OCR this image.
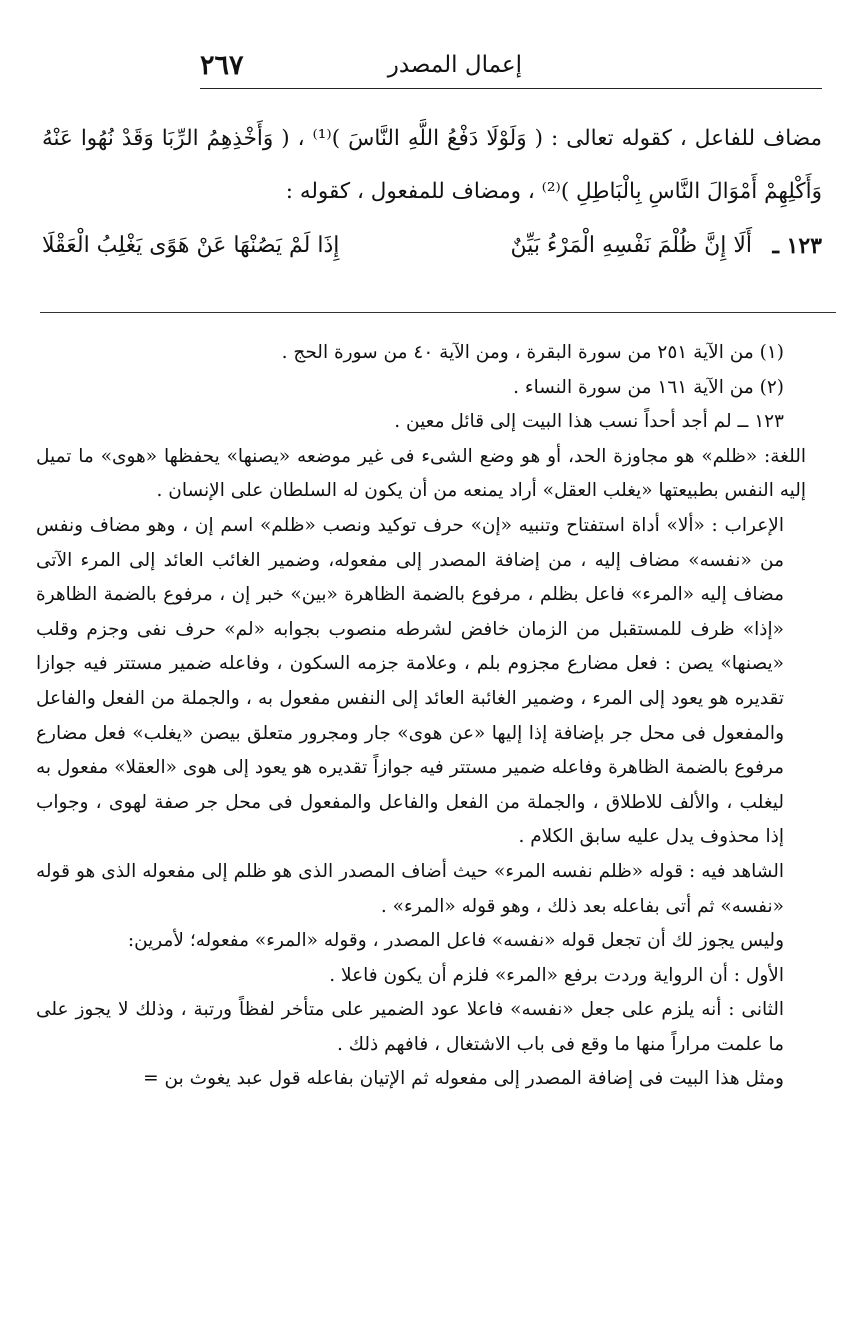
٢٦٧	إعمال المصدر

مضاف للفاعل ، كقوله تعالى : ( وَلَوْلَا دَفْعُ اللَّهِ النَّاسَ )⁽¹⁾ ، ( وَأَخْذِهِمُ الرِّبَا وَقَدْ نُهُوا عَنْهُ وَأَكْلِهِمْ أَمْوَالَ النَّاسِ بِالْبَاطِلِ )⁽²⁾ ، ومضاف للمفعول ، كقوله :

١٢٣ ـ
أَلَا إِنَّ ظُلْمَ نَفْسِهِ الْمَرْءُ بَيِّنٌ
إِذَا لَمْ يَصُنْهَا عَنْ هَوًى يَغْلِبُ الْعَقْلَا

(١) من الآية ٢٥١ من سورة البقرة ، ومن الآية ٤٠ من سورة الحج .

(٢) من الآية ١٦١ من سورة النساء .

١٢٣ ــ لم أجد أحداً نسب هذا البيت إلى قائل معين .

اللغة: «ظلم» هو مجاوزة الحد، أو هو وضع الشىء فى غير موضعه «يصنها» يحفظها «هوى» ما تميل إليه النفس بطبيعتها «يغلب العقل» أراد يمنعه من أن يكون له السلطان على الإنسان .

الإعراب : «ألا» أداة استفتاح وتنبيه «إن» حرف توكيد ونصب «ظلم» اسم إن ، وهو مضاف ونفس من «نفسه» مضاف إليه ، من إضافة المصدر إلى مفعوله، وضمير الغائب العائد إلى المرء الآتى مضاف إليه «المرء» فاعل بظلم ، مرفوع بالضمة الظاهرة «بين» خبر إن ، مرفوع بالضمة الظاهرة «إذا» ظرف للمستقبل من الزمان خافض لشرطه منصوب بجوابه «لم» حرف نفى وجزم وقلب «يصنها» يصن : فعل مضارع مجزوم بلم ، وعلامة جزمه السكون ، وفاعله ضمير مستتر فيه جوازا تقديره هو يعود إلى المرء ، وضمير الغائبة العائد إلى النفس مفعول به ، والجملة من الفعل والفاعل والمفعول فى محل جر بإضافة إذا إليها «عن هوى» جار ومجرور متعلق بيصن «يغلب» فعل مضارع مرفوع بالضمة الظاهرة وفاعله ضمير مستتر فيه جوازاً تقديره هو يعود إلى هوى «العقلا» مفعول به ليغلب ، والألف للاطلاق ، والجملة من الفعل والفاعل والمفعول فى محل جر صفة لهوى ، وجواب إذا محذوف يدل عليه سابق الكلام .

الشاهد فيه : قوله «ظلم نفسه المرء» حيث أضاف المصدر الذى هو ظلم إلى مفعوله الذى هو قوله «نفسه» ثم أتى بفاعله بعد ذلك ، وهو قوله «المرء» .

وليس يجوز لك أن تجعل قوله «نفسه» فاعل المصدر ، وقوله «المرء» مفعوله؛ لأمرين:

الأول : أن الرواية وردت برفع «المرء» فلزم أن يكون فاعلا .

الثانى : أنه يلزم على جعل «نفسه» فاعلا عود الضمير على متأخر لفظاً ورتبة ، وذلك لا يجوز على ما علمت مراراً منها ما وقع فى باب الاشتغال ، فافهم ذلك .

ومثل هذا البيت فى إضافة المصدر إلى مفعوله ثم الإتيان بفاعله قول عبد يغوث بن =
